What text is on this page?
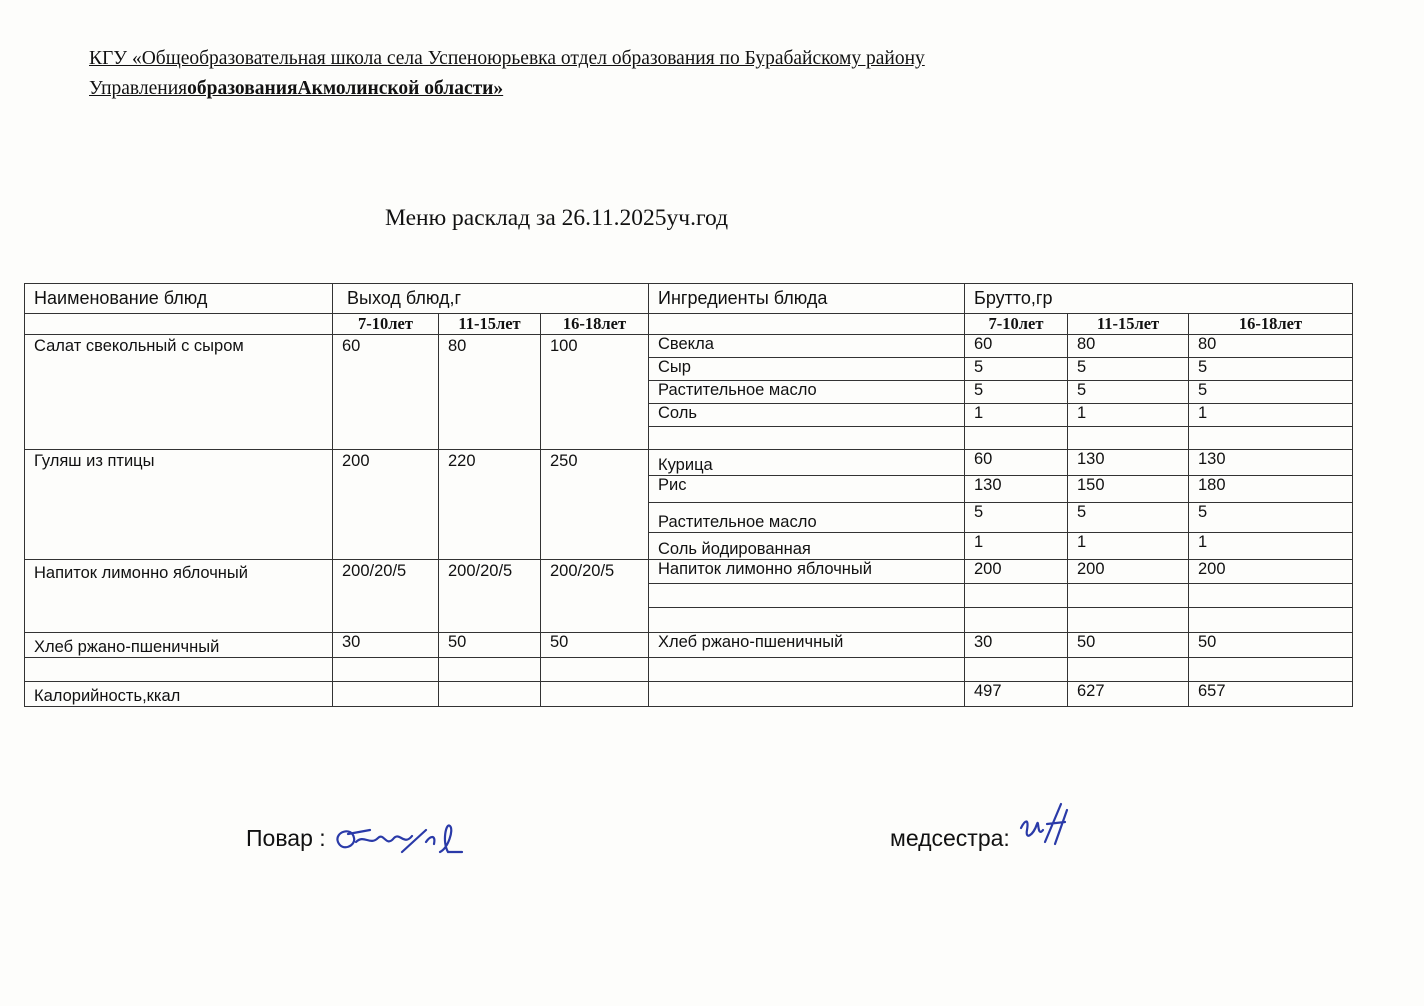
КГУ «Общеобразовательная школа села Успеноюрьевка отдел образования по Бурабайскому району
УправленияобразованияАкмолинской области»
Меню расклад за 26.11.2025уч.год
Наименование блюд	Выход блюд,г			Ингредиенты блюда	Брутто,гр		
	7-10лет	11-15лет	16-18лет		7-10лет	11-15лет	16-18лет
Салат свекольный с сыром	60	80	100	Свекла	60	80	80
				Сыр	5	5	5
				Растительное масло	5	5	5
				Соль	1	1	1

Гуляш из птицы	200	220	250	Курица	60	130	130
				Рис	130	150	180
				Растительное масло	5	5	5
				Соль йодированная	1	1	1
Напиток лимонно яблочный	200/20/5	200/20/5	200/20/5	Напиток лимонно яблочный	200	200	200

Хлеб ржано-пшеничный	30	50	50	Хлеб ржано-пшеничный	30	50	50

Калорийность,ккал					497	627	657
Повар :	медсестра:
